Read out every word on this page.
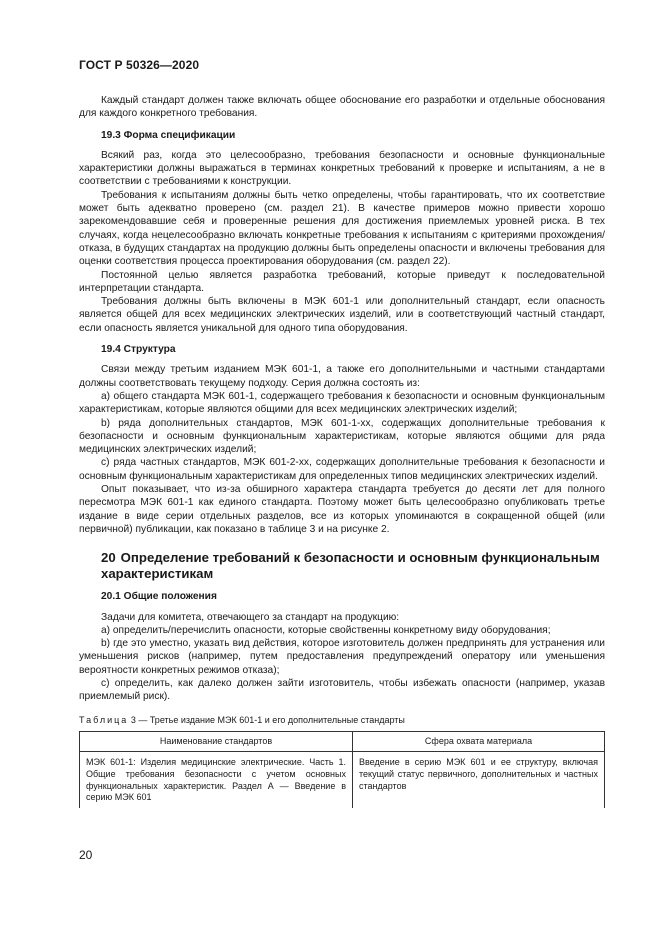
ГОСТ Р 50326—2020

Каждый стандарт должен также включать общее обоснование его разработки и отдельные обоснования для каждого конкретного требования.

19.3 Форма спецификации

Всякий раз, когда это целесообразно, требования безопасности и основные функциональные характеристики должны выражаться в терминах конкретных требований к проверке и испытаниям, а не в соответствии с требованиями к конструкции.

Требования к испытаниям должны быть четко определены, чтобы гарантировать, что их соответствие может быть адекватно проверено (см. раздел 21). В качестве примеров можно привести хорошо зарекомендовавшие себя и проверенные решения для достижения приемлемых уровней риска. В тех случаях, когда нецелесообразно включать конкретные требования к испытаниям с критериями прохождения/отказа, в будущих стандартах на продукцию должны быть определены опасности и включены требования для оценки соответствия процесса проектирования оборудования (см. раздел 22).

Постоянной целью является разработка требований, которые приведут к последовательной интерпретации стандарта.

Требования должны быть включены в МЭК 601-1 или дополнительный стандарт, если опасность является общей для всех медицинских электрических изделий, или в соответствующий частный стандарт, если опасность является уникальной для одного типа оборудования.

19.4 Структура

Связи между третьим изданием МЭК 601-1, а также его дополнительными и частными стандартами должны соответствовать текущему подходу. Серия должна состоять из:

a) общего стандарта МЭК 601-1, содержащего требования к безопасности и основным функциональным характеристикам, которые являются общими для всех медицинских электрических изделий;

b) ряда дополнительных стандартов, МЭК 601-1-хх, содержащих дополнительные требования к безопасности и основным функциональным характеристикам, которые являются общими для ряда медицинских электрических изделий;

c) ряда частных стандартов, МЭК 601-2-хх, содержащих дополнительные требования к безопасности и основным функциональным характеристикам для определенных типов медицинских электрических изделий.

Опыт показывает, что из-за обширного характера стандарта требуется до десяти лет для полного пересмотра МЭК 601-1 как единого стандарта. Поэтому может быть целесообразно опубликовать третье издание в виде серии отдельных разделов, все из которых упоминаются в сокращенной общей (или первичной) публикации, как показано в таблице 3 и на рисунке 2.

20 Определение требований к безопасности и основным функциональным характеристикам
20.1 Общие положения

Задачи для комитета, отвечающего за стандарт на продукцию:

а) определить/перечислить опасности, которые свойственны конкретному виду оборудования;

b) где это уместно, указать вид действия, которое изготовитель должен предпринять для устранения или уменьшения рисков (например, путем предоставления предупреждений оператору или уменьшения вероятности конкретных режимов отказа);

c) определить, как далеко должен зайти изготовитель, чтобы избежать опасности (например, указав приемлемый риск).

Таблица 3 — Третье издание МЭК 601-1 и его дополнительные стандарты
Наименование стандартов	Сфера охвата материала
МЭК 601-1: Изделия медицинские электрические. Часть 1. Общие требования безопасности с учетом основных функциональных характеристик. Раздел А — Введение в серию МЭК 601	Введение в серию МЭК 601 и ее структуру, включая текущий статус первичного, дополнительных и частных стандартов
20
